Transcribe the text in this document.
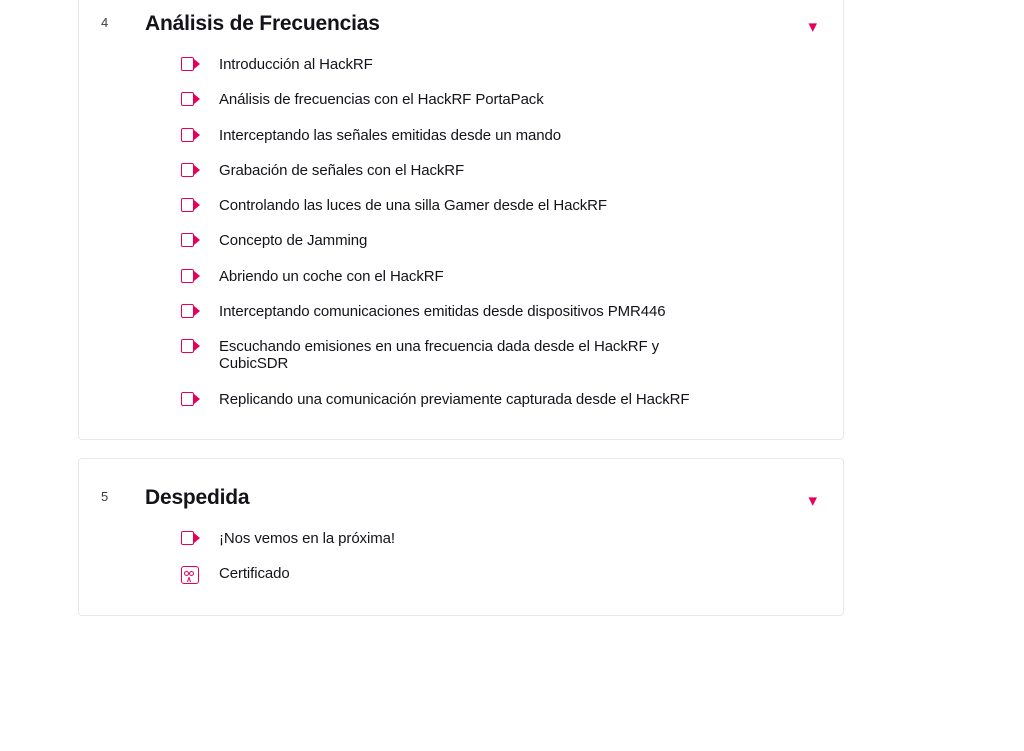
4	Análisis de Frecuencias	▾
Introducción al HackRF
Análisis de frecuencias con el HackRF PortaPack
Interceptando las señales emitidas desde un mando
Grabación de señales con el HackRF
Controlando las luces de una silla Gamer desde el HackRF
Concepto de Jamming
Abriendo un coche con el HackRF
Interceptando comunicaciones emitidas desde dispositivos PMR446
Escuchando emisiones en una frecuencia dada desde el HackRF y CubicSDR
Replicando una comunicación previamente capturada desde el HackRF
5	Despedida	▾
¡Nos vemos en la próxima!
Certificado
